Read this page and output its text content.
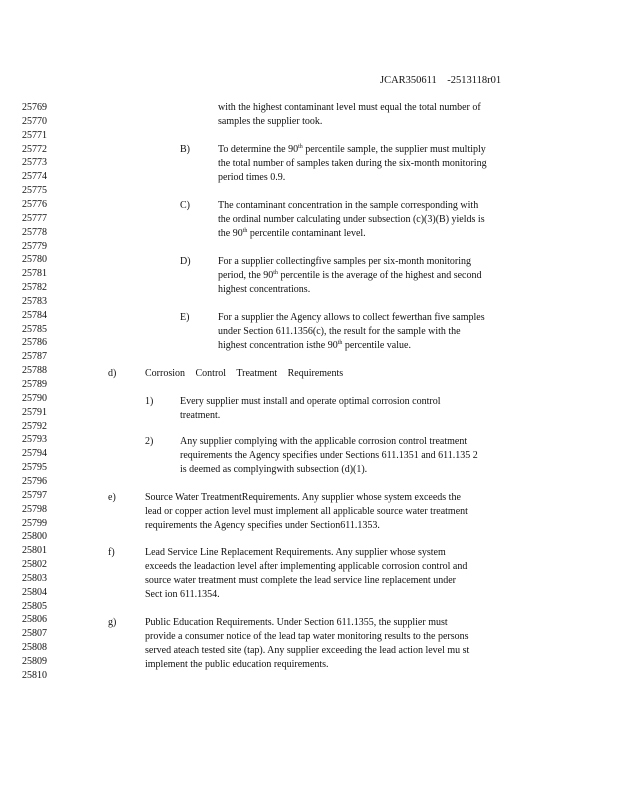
JCAR350611    -2513118r01
25769
25770
25771
25772
25773
25774
25775
25776
25777
25778
25779
25780
25781
25782
25783
25784
25785
25786
25787
25788
25789
25790
25791
25792
25793
25794
25795
25796
25797
25798
25799
25800
25801
25802
25803
25804
25805
25806
25807
25808
25809
25810
with the highest contaminant level must equal the total number of
samples the supplier took.
B)	To determine the 90th percentile sample, the supplier must multiply
the total number of samples taken during the six-month monitoring
period times 0.9.
C)	The contaminant concentration in the sample corresponding with
the ordinal number calculating under subsection (c)(3)(B) yields is
the 90th percentile contaminant level.
D)	For a supplier collectingfive samples per six-month monitoring
period, the 90th percentile is the average of the highest and second
highest concentrations.
E)	For a supplier the Agency allows to collect fewerthan five samples
under Section 611.1356(c), the result for the sample with the
highest concentration isthe 90th percentile value.
d)	Corrosion Control Treatment Requirements
1)	Every supplier must install and operate optimal corrosion control
treatment.
2)	Any supplier complying with the applicable corrosion control treatment
requirements the Agency specifies under Sections 611.1351 and 611.135 2
is deemed as complyingwith subsection (d)(1).
e)	Source Water TreatmentRequirements. Any supplier whose system exceeds the
lead or copper action level must implement all applicable source water treatment
requirements the Agency specifies under Section611.1353.
f)	Lead Service Line Replacement Requirements. Any supplier whose system
exceeds the leadaction level after implementing applicable corrosion control and
source water treatment must complete the lead service line replacement under
Sect ion 611.1354.
g)	Public Education Requirements. Under Section 611.1355, the supplier must
provide a consumer notice of the lead tap water monitoring results to the persons
served ateach tested site (tap). Any supplier exceeding the lead action level mu st
implement the public education requirements.
